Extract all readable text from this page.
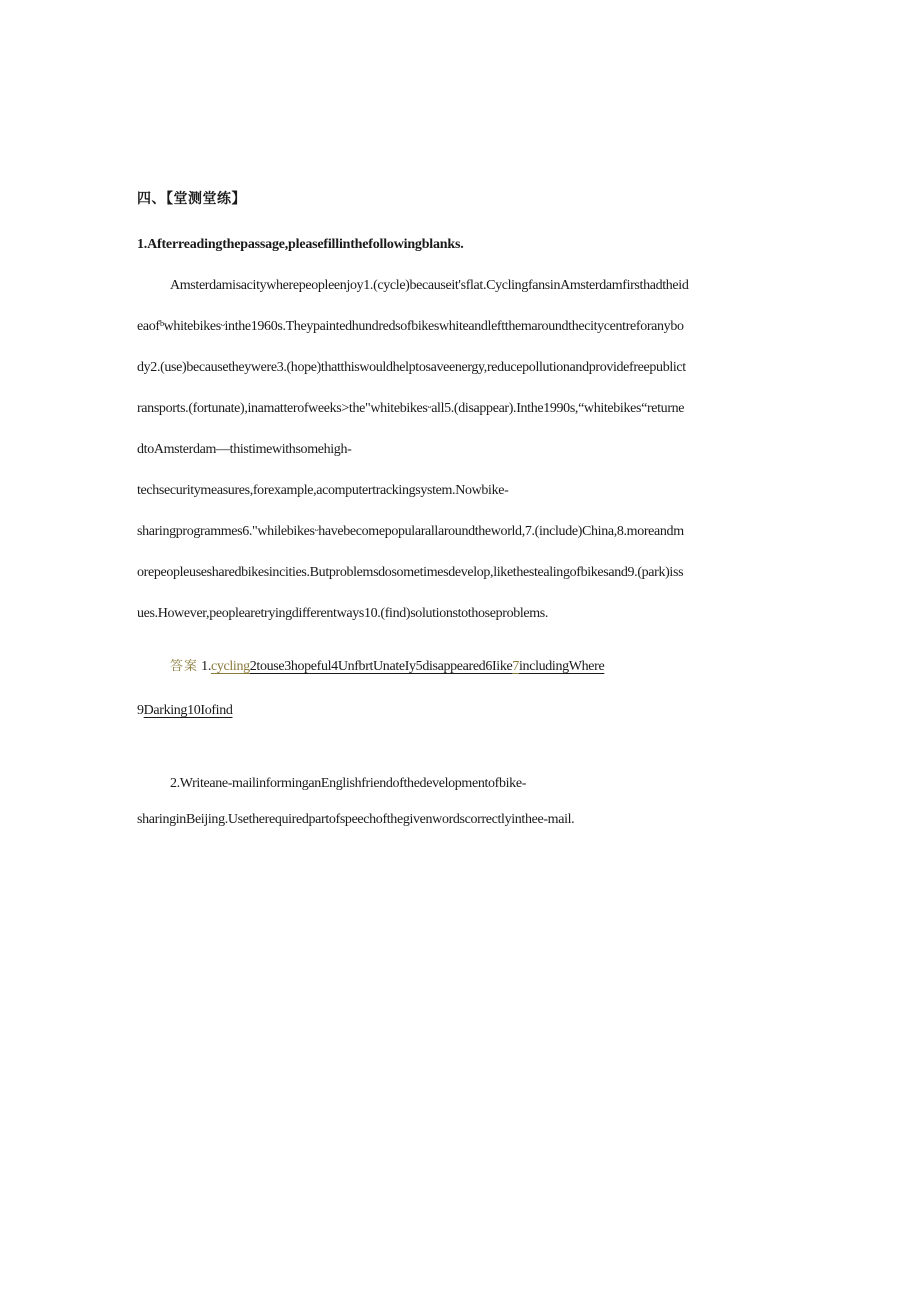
四、【堂测堂练】
1.Afterreadingthepassage,pleasefillinthefollowingblanks.
Amsterdamisacitywherepeopleenjoy1.(cycle)becauseit'sflat.CyclingfansinAmsterdamfirsthadtheid
eaofᵇwhitebikesᵕinthe1960s.Theypaintedhundredsofbikeswhiteandleftthemaroundthecitycentreforanybo
dy2.(use)becausetheywere3.(hope)thatthiswouldhelptosaveenergy,reducepollutionandprovidefreepublict
ransports.(fortunate),inamatterofweeks>the"whitebikesᵕall5.(disappear).Inthe1990s,“whitebikes“returne
dtoAmsterdam—thistimewithsomehigh-
techsecuritymeasures,forexample,acomputertrackingsystem.Nowbike-
sharingprogrammes6."whilebikesᵕhavebecomepopularallaroundtheworld,7.(include)China,8.moreandm
orepeopleusesharedbikesincities.Butproblemsdosometimesdevelop,likethestealingofbikesand9.(park)iss
ues.However,peoplearetryingdifferentways10.(find)solutionstothoseproblems.
答案 1.cycling2touse3hopeful4UnfbrtUnateIy5disappeared6Iike7includingWhere
9Darking10Iofind
2.Writeane-mailinforminganEnglishfriendofthedevelopmentofbike-
sharinginBeijing.Usetherequiredpartofspeechofthegivenwordscorrectlyinthee-mail.
